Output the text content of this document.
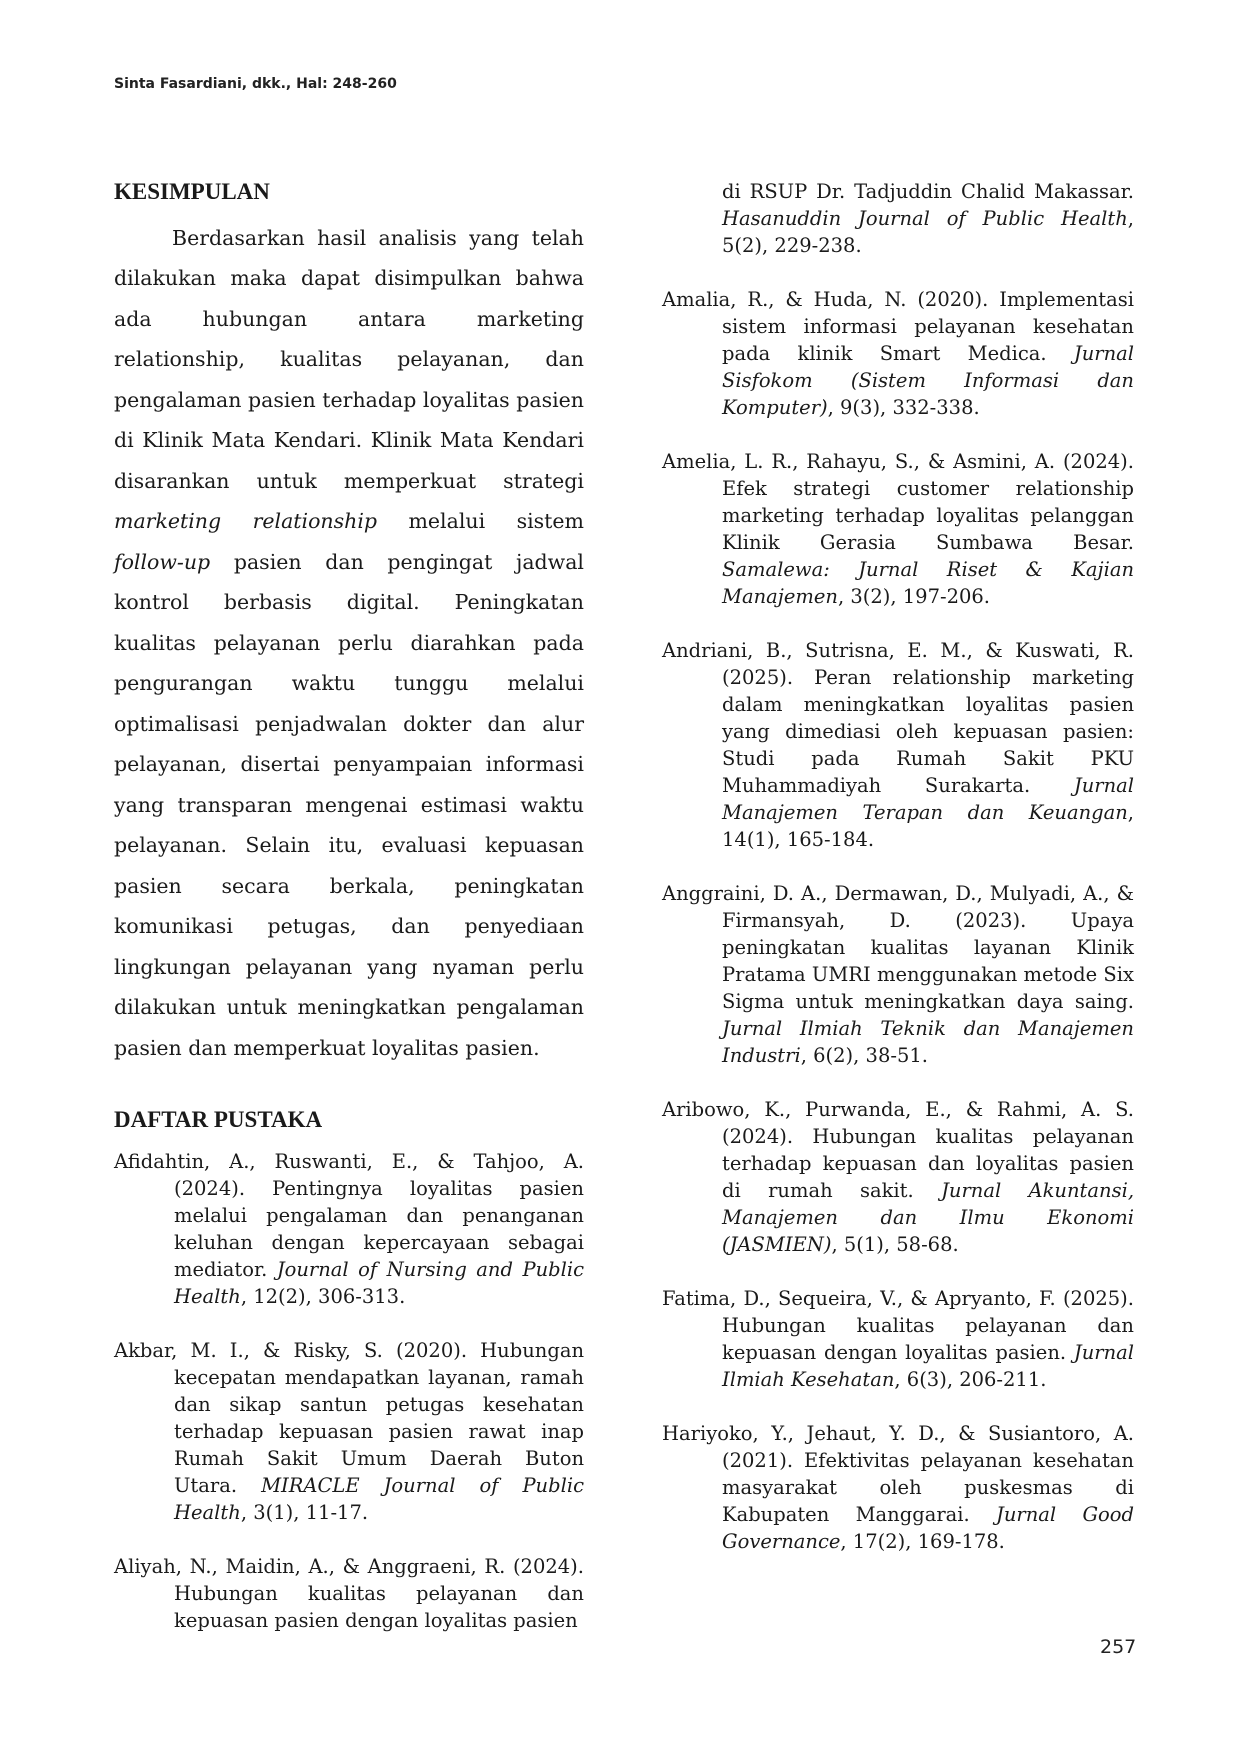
Sinta Fasardiani, dkk., Hal: 248-260
KESIMPULAN

Berdasarkan hasil analisis yang telah dilakukan maka dapat disimpulkan bahwa ada hubungan antara marketing relationship, kualitas pelayanan, dan pengalaman pasien terhadap loyalitas pasien di Klinik Mata Kendari. Klinik Mata Kendari disarankan untuk memperkuat strategi marketing relationship melalui sistem follow-up pasien dan pengingat jadwal kontrol berbasis digital. Peningkatan kualitas pelayanan perlu diarahkan pada pengurangan waktu tunggu melalui optimalisasi penjadwalan dokter dan alur pelayanan, disertai penyampaian informasi yang transparan mengenai estimasi waktu pelayanan. Selain itu, evaluasi kepuasan pasien secara berkala, peningkatan komunikasi petugas, dan penyediaan lingkungan pelayanan yang nyaman perlu dilakukan untuk meningkatkan pengalaman pasien dan memperkuat loyalitas pasien.

DAFTAR PUSTAKA
Afidahtin, A., Ruswanti, E., & Tahjoo, A. (2024). Pentingnya loyalitas pasien melalui pengalaman dan penanganan keluhan dengan kepercayaan sebagai mediator. Journal of Nursing and Public Health, 12(2), 306-313.
Akbar, M. I., & Risky, S. (2020). Hubungan kecepatan mendapatkan layanan, ramah dan sikap santun petugas kesehatan terhadap kepuasan pasien rawat inap Rumah Sakit Umum Daerah Buton Utara. MIRACLE Journal of Public Health, 3(1), 11-17.
Aliyah, N., Maidin, A., & Anggraeni, R. (2024). Hubungan kualitas pelayanan dan kepuasan pasien dengan loyalitas pasien
di RSUP Dr. Tadjuddin Chalid Makassar. Hasanuddin Journal of Public Health, 5(2), 229-238.
Amalia, R., & Huda, N. (2020). Implementasi sistem informasi pelayanan kesehatan pada klinik Smart Medica. Jurnal Sisfokom (Sistem Informasi dan Komputer), 9(3), 332-338.
Amelia, L. R., Rahayu, S., & Asmini, A. (2024). Efek strategi customer relationship marketing terhadap loyalitas pelanggan Klinik Gerasia Sumbawa Besar. Samalewa: Jurnal Riset & Kajian Manajemen, 3(2), 197-206.
Andriani, B., Sutrisna, E. M., & Kuswati, R. (2025). Peran relationship marketing dalam meningkatkan loyalitas pasien yang dimediasi oleh kepuasan pasien: Studi pada Rumah Sakit PKU Muhammadiyah Surakarta. Jurnal Manajemen Terapan dan Keuangan, 14(1), 165-184.
Anggraini, D. A., Dermawan, D., Mulyadi, A., & Firmansyah, D. (2023). Upaya peningkatan kualitas layanan Klinik Pratama UMRI menggunakan metode Six Sigma untuk meningkatkan daya saing. Jurnal Ilmiah Teknik dan Manajemen Industri, 6(2), 38-51.
Aribowo, K., Purwanda, E., & Rahmi, A. S. (2024). Hubungan kualitas pelayanan terhadap kepuasan dan loyalitas pasien di rumah sakit. Jurnal Akuntansi, Manajemen dan Ilmu Ekonomi (JASMIEN), 5(1), 58-68.
Fatima, D., Sequeira, V., & Apryanto, F. (2025). Hubungan kualitas pelayanan dan kepuasan dengan loyalitas pasien. Jurnal Ilmiah Kesehatan, 6(3), 206-211.
Hariyoko, Y., Jehaut, Y. D., & Susiantoro, A. (2021). Efektivitas pelayanan kesehatan masyarakat oleh puskesmas di Kabupaten Manggarai. Jurnal Good Governance, 17(2), 169-178.
257
